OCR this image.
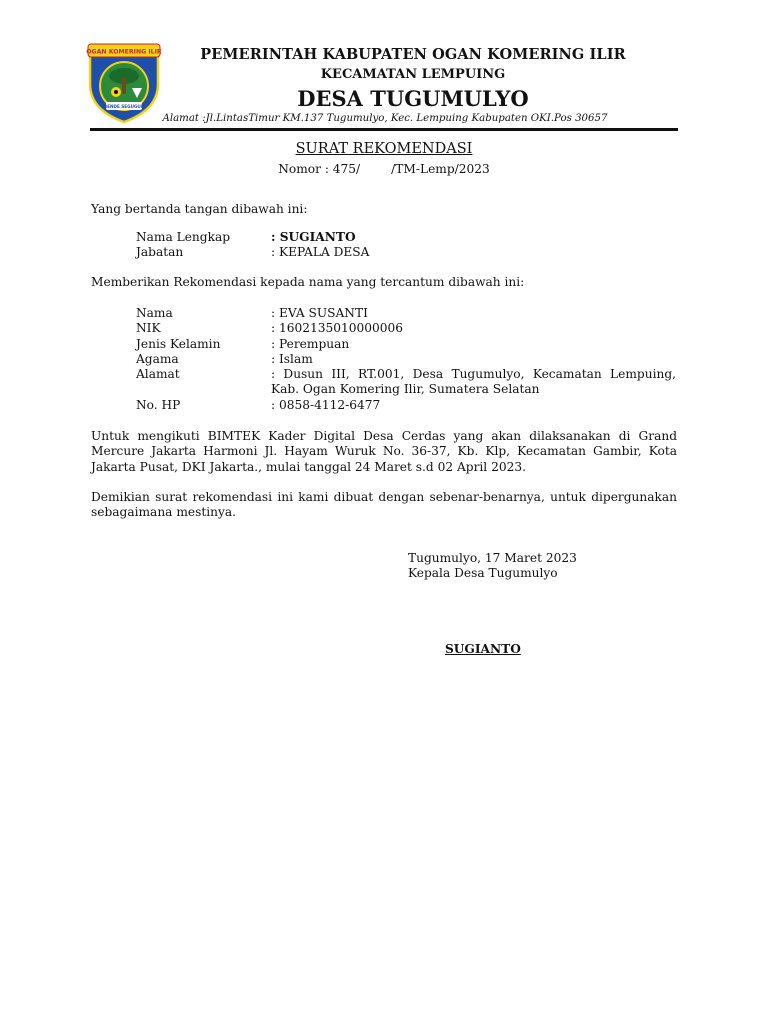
OGAN KOMERING ILIR
BENDE SEGUGUK
PEMERINTAH KABUPATEN OGAN KOMERING ILIR
KECAMATAN LEMPUING
DESA TUGUMULYO
Alamat :Jl.LintasTimur KM.137 Tugumulyo, Kec. Lempuing Kabupaten OKI.Pos 30657
SURAT REKOMENDASI
Nomor : 475/        /TM-Lemp/2023
Yang bertanda tangan dibawah ini:
Nama Lengkap	: SUGIANTO
Jabatan	: KEPALA DESA
Memberikan Rekomendasi kepada nama yang tercantum dibawah ini:
Nama	: EVA SUSANTI
NIK	: 1602135010000006
Jenis Kelamin	: Perempuan
Agama	: Islam
Alamat	: Dusun III, RT.001, Desa Tugumulyo, Kecamatan Lempuing, Kab. Ogan Komering Ilir, Sumatera Selatan
No. HP	: 0858-4112-6477
Untuk mengikuti BIMTEK Kader Digital Desa Cerdas yang akan dilaksanakan di Grand Mercure Jakarta Harmoni Jl. Hayam Wuruk No. 36-37, Kb. Klp, Kecamatan Gambir, Kota Jakarta Pusat, DKI Jakarta., mulai tanggal 24 Maret s.d 02 April 2023.
Demikian surat rekomendasi ini kami dibuat dengan sebenar-benarnya, untuk dipergunakan sebagaimana mestinya.
Tugumulyo, 17 Maret 2023
Kepala Desa Tugumulyo
SUGIANTO
